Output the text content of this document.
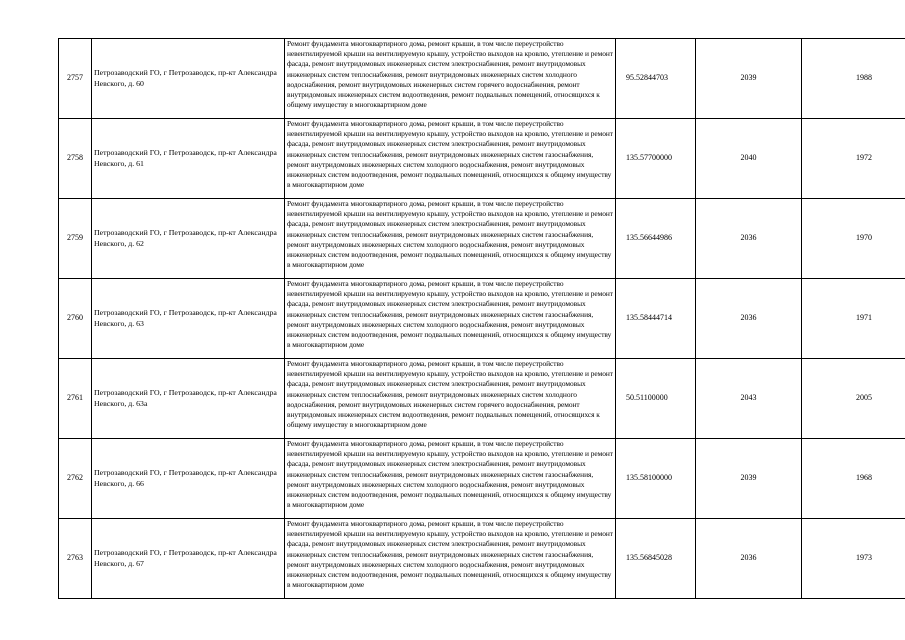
2757	Петрозаводский ГО, г Петрозаводск, пр-кт Александра Невского, д. 60	Ремонт фундамента многоквартирного дома, ремонт крыши, в том числе переустройство невентилируемой крыши на вентилируемую крышу, устройство выходов на кровлю, утепление и ремонт фасада, ремонт внутридомовых инженерных систем электроснабжения, ремонт внутридомовых инженерных систем теплоснабжения, ремонт внутридомовых инженерных систем холодного водоснабжения, ремонт внутридомовых инженерных систем горячего водоснабжения, ремонт внутридомовых инженерных систем водоотведения, ремонт подвальных помещений, относящихся к общему имуществу в многоквартирном доме	95.52844703	2039	1988
2758	Петрозаводский ГО, г Петрозаводск, пр-кт Александра Невского, д. 61	Ремонт фундамента многоквартирного дома, ремонт крыши, в том числе переустройство невентилируемой крыши на вентилируемую крышу, устройство выходов на кровлю, утепление и ремонт фасада, ремонт внутридомовых инженерных систем электроснабжения, ремонт внутридомовых инженерных систем теплоснабжения, ремонт внутридомовых инженерных систем газоснабжения, ремонт внутридомовых инженерных систем холодного водоснабжения, ремонт внутридомовых инженерных систем водоотведения, ремонт подвальных помещений, относящихся к общему имуществу в многоквартирном доме	135.57700000	2040	1972
2759	Петрозаводский ГО, г Петрозаводск, пр-кт Александра Невского, д. 62	Ремонт фундамента многоквартирного дома, ремонт крыши, в том числе переустройство невентилируемой крыши на вентилируемую крышу, устройство выходов на кровлю, утепление и ремонт фасада, ремонт внутридомовых инженерных систем электроснабжения, ремонт внутридомовых инженерных систем теплоснабжения, ремонт внутридомовых инженерных систем газоснабжения, ремонт внутридомовых инженерных систем холодного водоснабжения, ремонт внутридомовых инженерных систем водоотведения, ремонт подвальных помещений, относящихся к общему имуществу в многоквартирном доме	135.56644986	2036	1970
2760	Петрозаводский ГО, г Петрозаводск, пр-кт Александра Невского, д. 63	Ремонт фундамента многоквартирного дома, ремонт крыши, в том числе переустройство невентилируемой крыши на вентилируемую крышу, устройство выходов на кровлю, утепление и ремонт фасада, ремонт внутридомовых инженерных систем электроснабжения, ремонт внутридомовых инженерных систем теплоснабжения, ремонт внутридомовых инженерных систем газоснабжения, ремонт внутридомовых инженерных систем холодного водоснабжения, ремонт внутридомовых инженерных систем водоотведения, ремонт подвальных помещений, относящихся к общему имуществу в многоквартирном доме	135.58444714	2036	1971
2761	Петрозаводский ГО, г Петрозаводск, пр-кт Александра Невского, д. 63а	Ремонт фундамента многоквартирного дома, ремонт крыши, в том числе переустройство невентилируемой крыши на вентилируемую крышу, устройство выходов на кровлю, утепление и ремонт фасада, ремонт внутридомовых инженерных систем электроснабжения, ремонт внутридомовых инженерных систем теплоснабжения, ремонт внутридомовых инженерных систем холодного водоснабжения, ремонт внутридомовых инженерных систем горячего водоснабжения, ремонт внутридомовых инженерных систем водоотведения, ремонт подвальных помещений, относящихся к общему имуществу в многоквартирном доме	50.51100000	2043	2005
2762	Петрозаводский ГО, г Петрозаводск, пр-кт Александра Невского, д. 66	Ремонт фундамента многоквартирного дома, ремонт крыши, в том числе переустройство невентилируемой крыши на вентилируемую крышу, устройство выходов на кровлю, утепление и ремонт фасада, ремонт внутридомовых инженерных систем электроснабжения, ремонт внутридомовых инженерных систем теплоснабжения, ремонт внутридомовых инженерных систем газоснабжения, ремонт внутридомовых инженерных систем холодного водоснабжения, ремонт внутридомовых инженерных систем водоотведения, ремонт подвальных помещений, относящихся к общему имуществу в многоквартирном доме	135.58100000	2039	1968
2763	Петрозаводский ГО, г Петрозаводск, пр-кт Александра Невского, д. 67	Ремонт фундамента многоквартирного дома, ремонт крыши, в том числе переустройство невентилируемой крыши на вентилируемую крышу, устройство выходов на кровлю, утепление и ремонт фасада, ремонт внутридомовых инженерных систем электроснабжения, ремонт внутридомовых инженерных систем теплоснабжения, ремонт внутридомовых инженерных систем газоснабжения, ремонт внутридомовых инженерных систем холодного водоснабжения, ремонт внутридомовых инженерных систем водоотведения, ремонт подвальных помещений, относящихся к общему имуществу в многоквартирном доме	135.56845028	2036	1973
